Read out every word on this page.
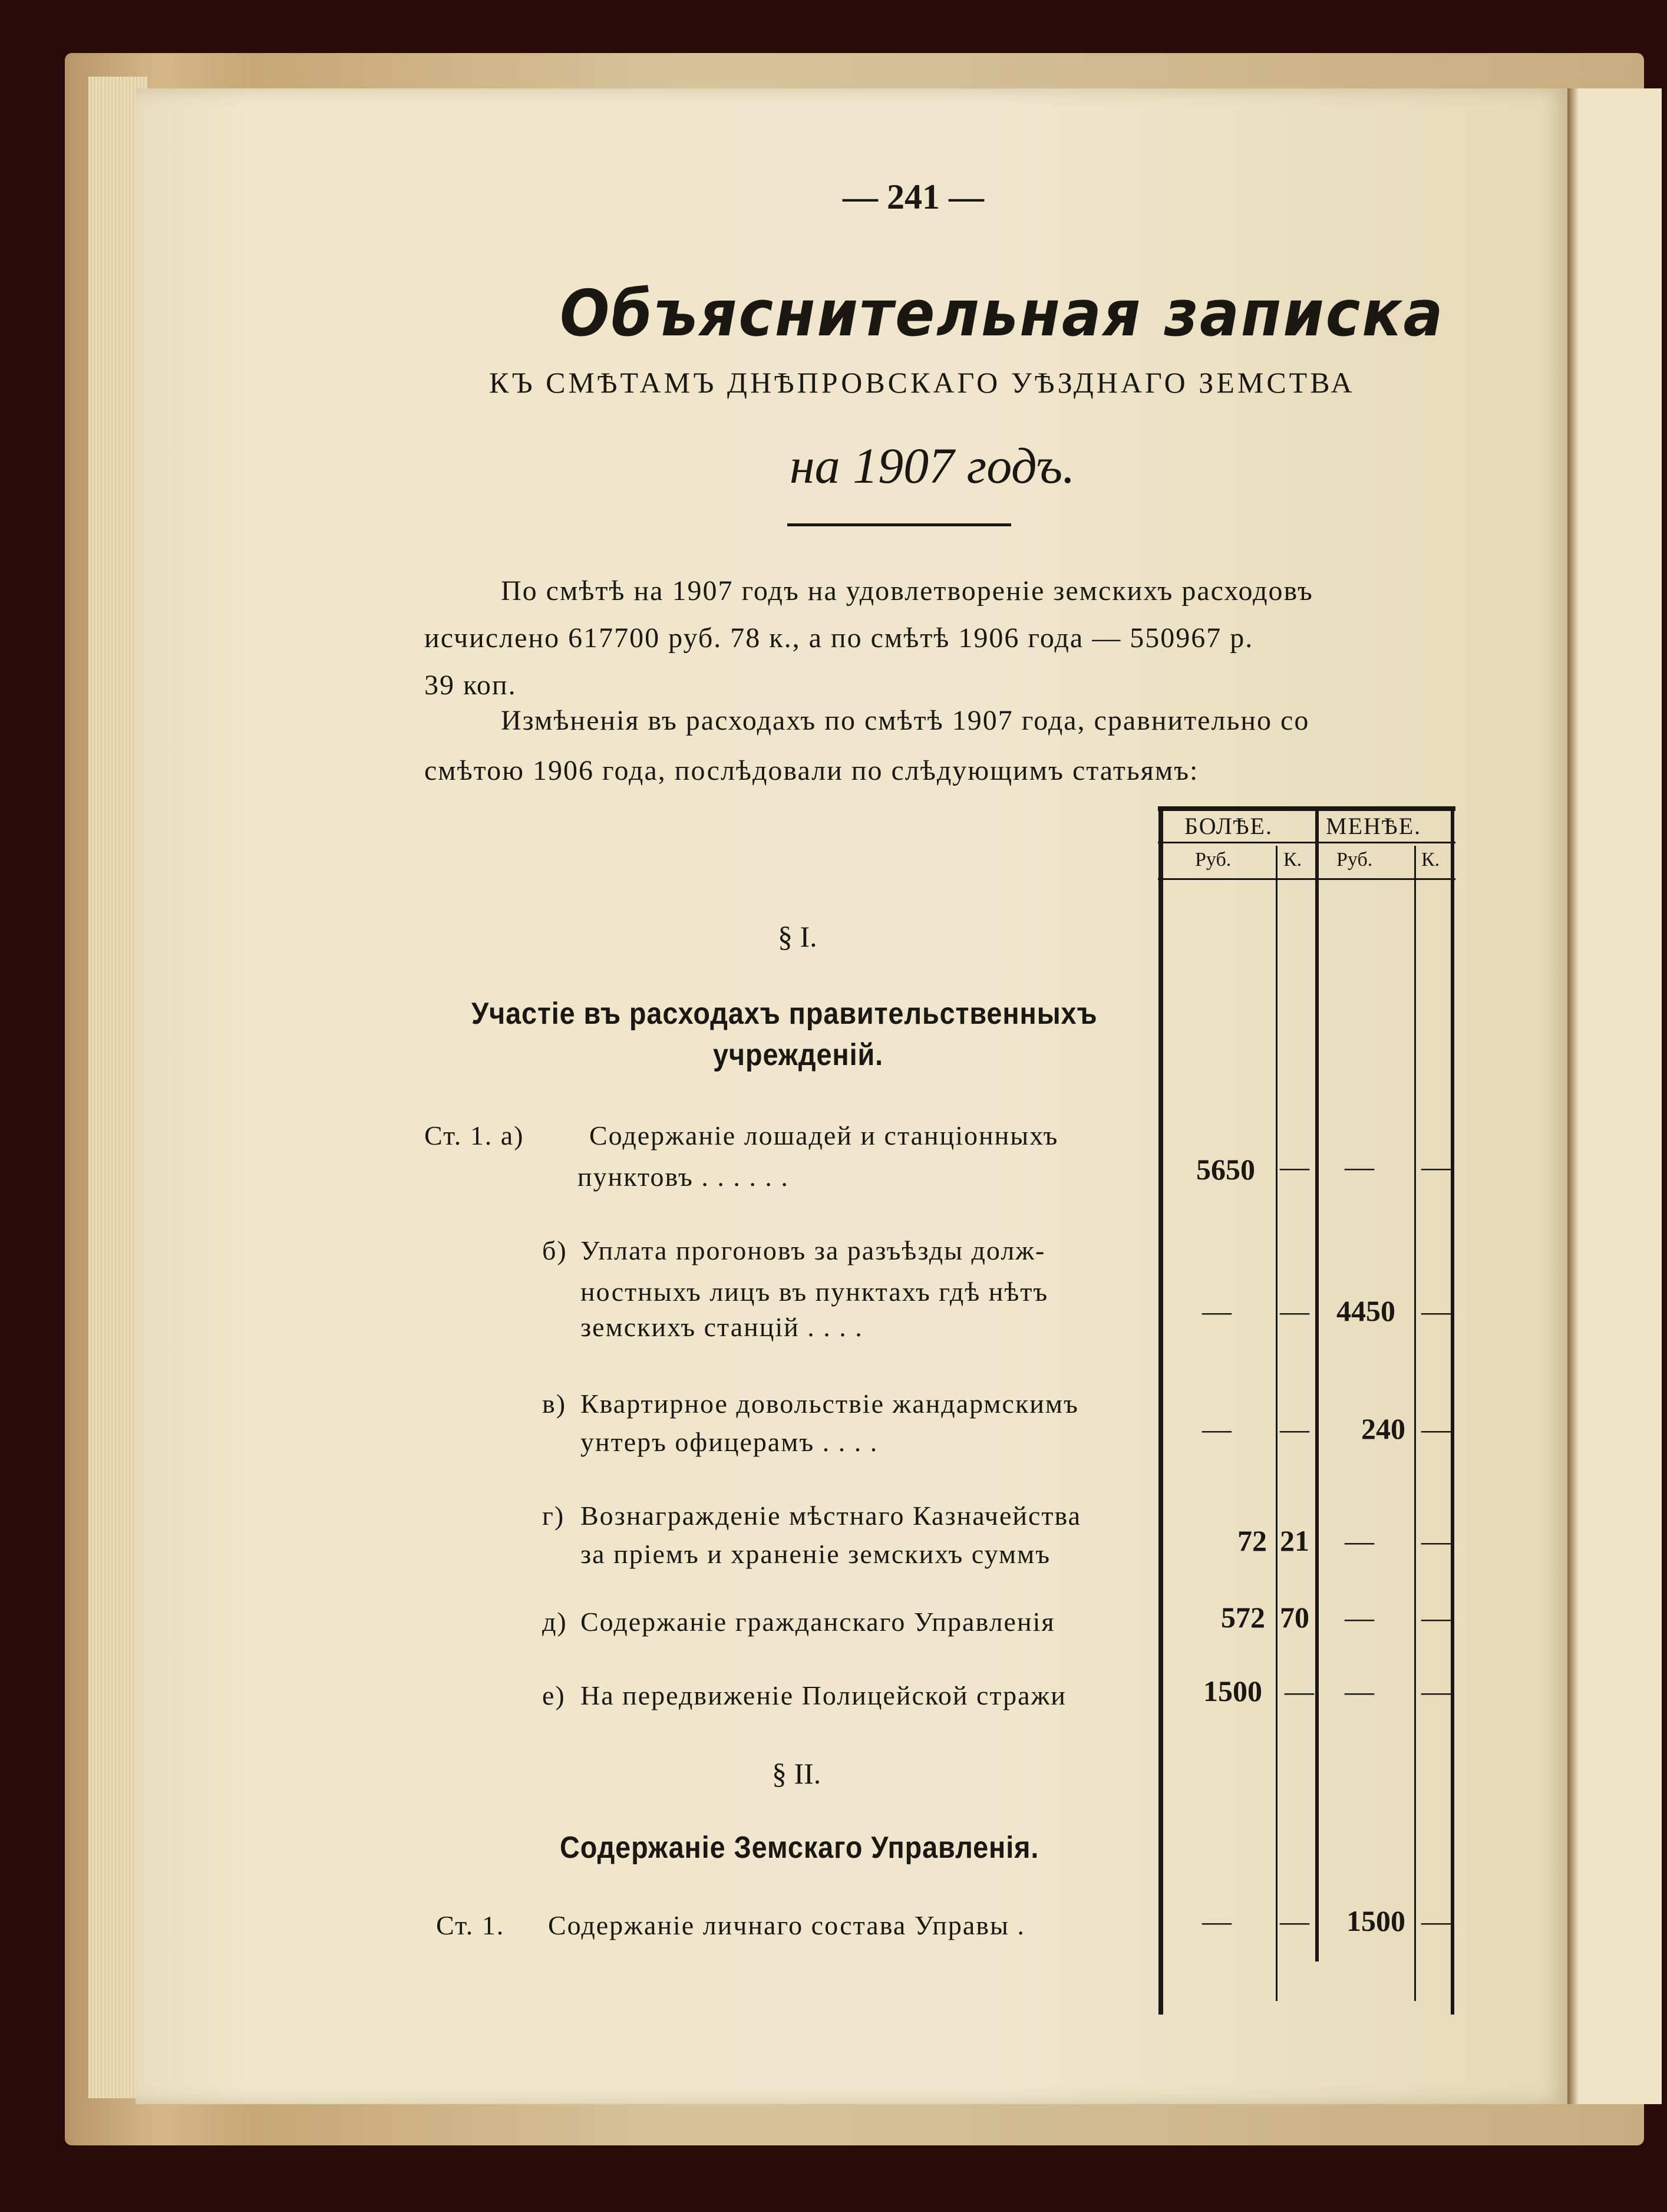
— 241 —
Объяснительная записка
КЪ СМѢТАМЪ ДНѢПРОВСКАГО УѢЗДНАГО ЗЕМСТВА
на 1907 годъ.
По смѣтѣ на 1907 годъ на удовлетвореніе земскихъ расходовъ
исчислено 617700 руб. 78 к., а по смѣтѣ 1906 года — 550967 р.
39 коп.
Измѣненія въ расходахъ по смѣтѣ 1907 года, сравнительно со
смѣтою 1906 года, послѣдовали по слѣдующимъ статьямъ:
БОЛѢЕ. МЕНѢЕ.
Руб.	К. Руб. К.
§ I.
Участіе въ расходахъ правительственныхъ
учрежденій.
Ст. 1. а) Содержаніе лошадей и станціонныхъ
пунктовъ . . . . . .	5650 — — —
б) Уплата прогоновъ за разъѣзды долж-
ностныхъ лицъ въ пунктахъ гдѣ нѣтъ
земскихъ станцій . . . .	— — 4450 —
в) Квартирное довольствіе жандармскимъ
унтеръ офицерамъ . . . .	— — 240 —
г) Вознагражденіе мѣстнаго Казначейства
за пріемъ и храненіе земскихъ суммъ	72 21 — —
д) Содержаніе гражданскаго Управленія	572 70 — —
е) На передвиженіе Полицейской стражи	1500 — — —
§ II.
Содержаніе Земскаго Управленія.
Ст. 1. Содержаніе личнаго состава Управы .	— — 1500 —
